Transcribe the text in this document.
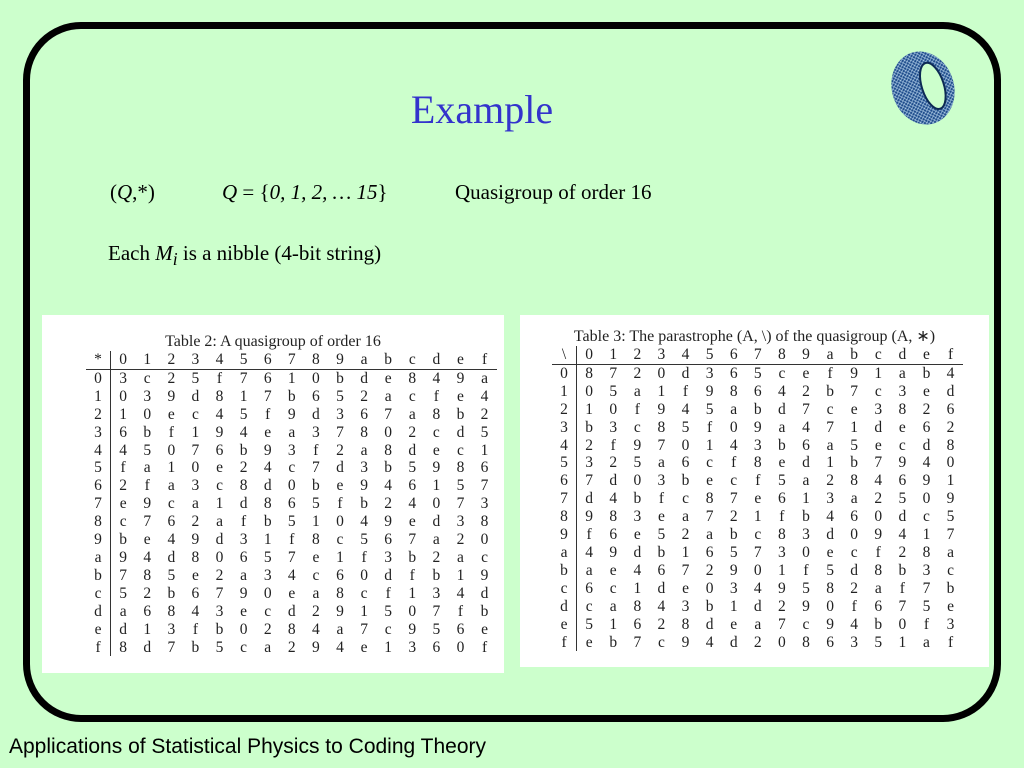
Example
(Q,*)	Q = {0, 1, 2, … 15}	Quasigroup of order 16
Each $M_i$ is a nibble (4-bit string)
Table 2: A quasigroup of order 16
*	0	1	2	3	4	5	6	7	8	9	a	b	c	d	e	f
0	3	c	2	5	f	7	6	1	0	b	d	e	8	4	9	a
1	0	3	9	d	8	1	7	b	6	5	2	a	c	f	e	4
2	1	0	e	c	4	5	f	9	d	3	6	7	a	8	b	2
3	6	b	f	1	9	4	e	a	3	7	8	0	2	c	d	5
4	4	5	0	7	6	b	9	3	f	2	a	8	d	e	c	1
5	f	a	1	0	e	2	4	c	7	d	3	b	5	9	8	6
6	2	f	a	3	c	8	d	0	b	e	9	4	6	1	5	7
7	e	9	c	a	1	d	8	6	5	f	b	2	4	0	7	3
8	c	7	6	2	a	f	b	5	1	0	4	9	e	d	3	8
9	b	e	4	9	d	3	1	f	8	c	5	6	7	a	2	0
a	9	4	d	8	0	6	5	7	e	1	f	3	b	2	a	c
b	7	8	5	e	2	a	3	4	c	6	0	d	f	b	1	9
c	5	2	b	6	7	9	0	e	a	8	c	f	1	3	4	d
d	a	6	8	4	3	e	c	d	2	9	1	5	0	7	f	b
e	d	1	3	f	b	0	2	8	4	a	7	c	9	5	6	e
f	8	d	7	b	5	c	a	2	9	4	e	1	3	6	0	f
Table 3: The parastrophe (A, \) of the quasigroup (A, ∗)
\	0	1	2	3	4	5	6	7	8	9	a	b	c	d	e	f
0	8	7	2	0	d	3	6	5	c	e	f	9	1	a	b	4
1	0	5	a	1	f	9	8	6	4	2	b	7	c	3	e	d
2	1	0	f	9	4	5	a	b	d	7	c	e	3	8	2	6
3	b	3	c	8	5	f	0	9	a	4	7	1	d	e	6	2
4	2	f	9	7	0	1	4	3	b	6	a	5	e	c	d	8
5	3	2	5	a	6	c	f	8	e	d	1	b	7	9	4	0
6	7	d	0	3	b	e	c	f	5	a	2	8	4	6	9	1
7	d	4	b	f	c	8	7	e	6	1	3	a	2	5	0	9
8	9	8	3	e	a	7	2	1	f	b	4	6	0	d	c	5
9	f	6	e	5	2	a	b	c	8	3	d	0	9	4	1	7
a	4	9	d	b	1	6	5	7	3	0	e	c	f	2	8	a
b	a	e	4	6	7	2	9	0	1	f	5	d	8	b	3	c
c	6	c	1	d	e	0	3	4	9	5	8	2	a	f	7	b
d	c	a	8	4	3	b	1	d	2	9	0	f	6	7	5	e
e	5	1	6	2	8	d	e	a	7	c	9	4	b	0	f	3
f	e	b	7	c	9	4	d	2	0	8	6	3	5	1	a	f
Applications of Statistical Physics to Coding Theory
